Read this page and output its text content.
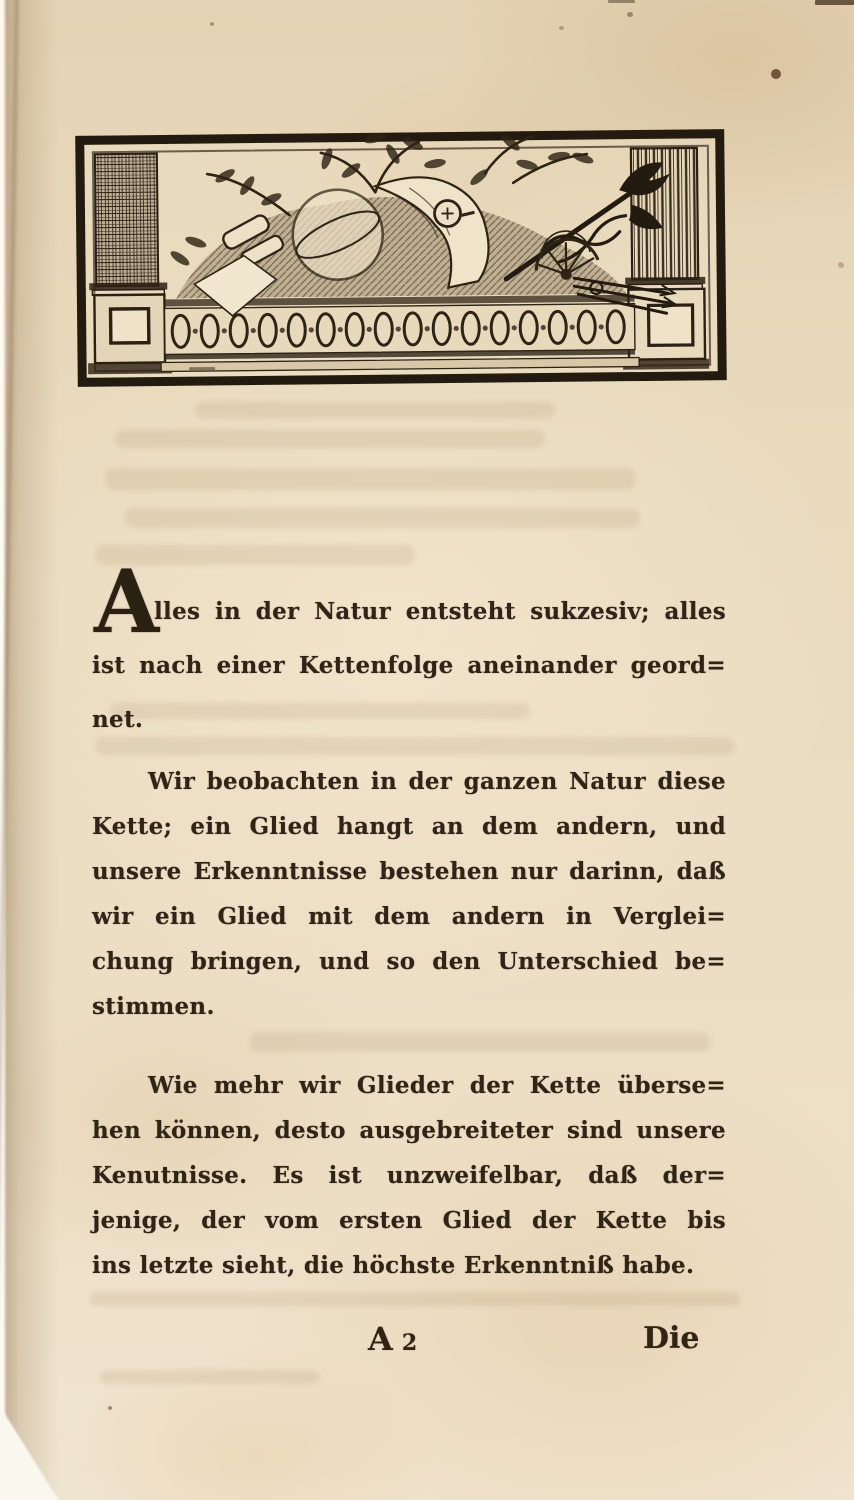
A
lles in der Natur entsteht sukzesiv; alles
ist nach einer Kettenfolge aneinander geord=
net.
Wir beobachten in der ganzen Natur diese
Kette; ein Glied hangt an dem andern, und
unsere Erkenntnisse bestehen nur darinn, daß
wir ein Glied mit dem andern in Verglei=
chung bringen, und so den Unterschied be=
stimmen.
Wie mehr wir Glieder der Kette überse=
hen können, desto ausgebreiteter sind unsere
Kenutnisse. Es ist unzweifelbar, daß der=
jenige, der vom ersten Glied der Kette bis
ins letzte sieht, die höchste Erkenntniß habe.
A 2	Die
